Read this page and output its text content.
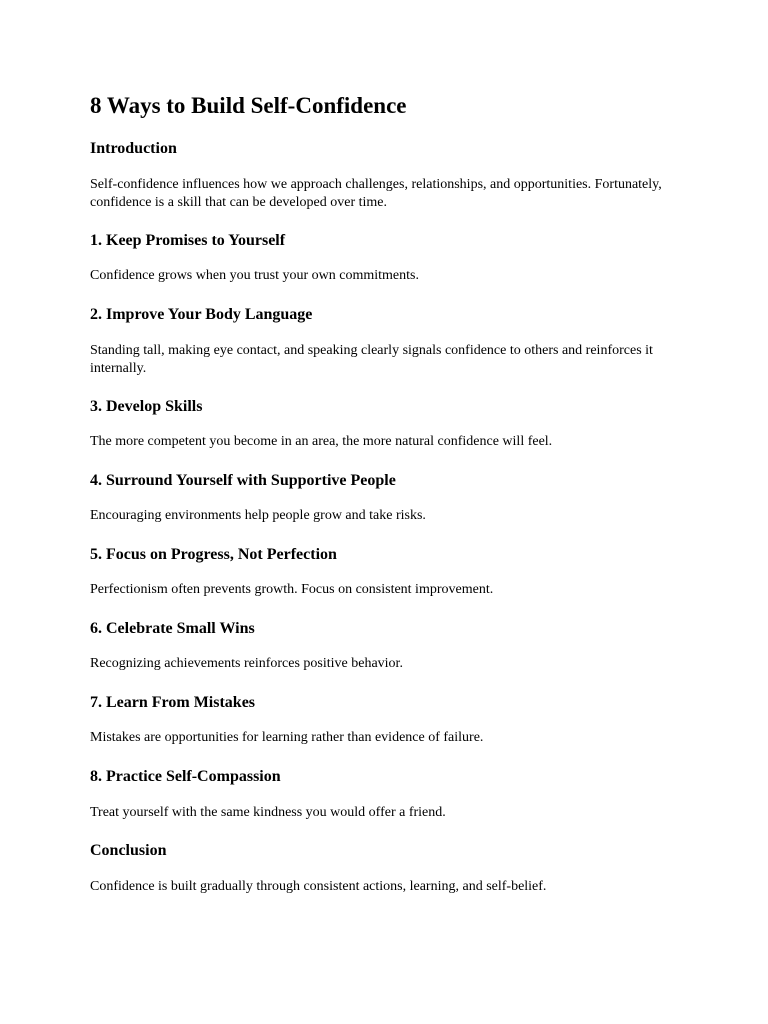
8 Ways to Build Self-Confidence
Introduction

Self-confidence influences how we approach challenges, relationships, and opportunities. Fortunately, confidence is a skill that can be developed over time.

1. Keep Promises to Yourself

Confidence grows when you trust your own commitments.

2. Improve Your Body Language

Standing tall, making eye contact, and speaking clearly signals confidence to others and reinforces it internally.

3. Develop Skills

The more competent you become in an area, the more natural confidence will feel.

4. Surround Yourself with Supportive People

Encouraging environments help people grow and take risks.

5. Focus on Progress, Not Perfection

Perfectionism often prevents growth. Focus on consistent improvement.

6. Celebrate Small Wins

Recognizing achievements reinforces positive behavior.

7. Learn From Mistakes

Mistakes are opportunities for learning rather than evidence of failure.

8. Practice Self-Compassion

Treat yourself with the same kindness you would offer a friend.

Conclusion

Confidence is built gradually through consistent actions, learning, and self-belief.
